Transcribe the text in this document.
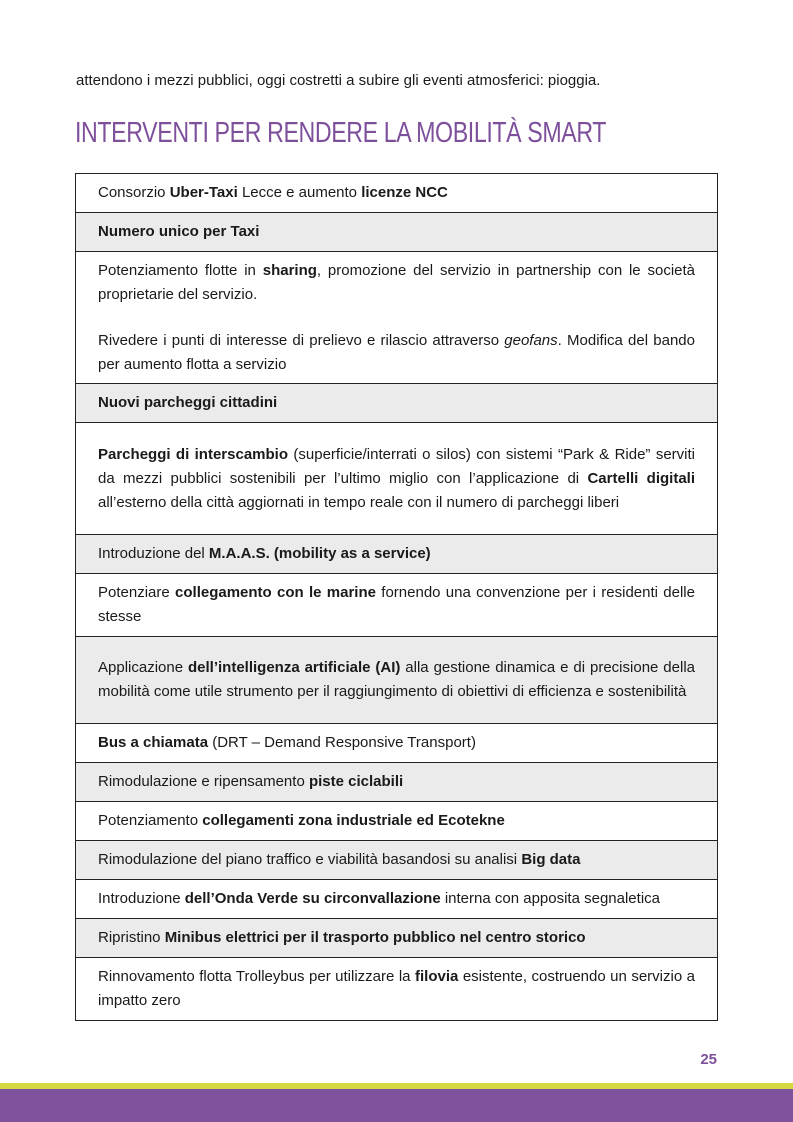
attendono i mezzi pubblici, oggi costretti a subire gli eventi atmosferici: pioggia.

INTERVENTI PER RENDERE LA MOBILITÀ SMART
Consorzio Uber-Taxi Lecce e aumento licenze NCC
Numero unico per Taxi

Potenziamento flotte in sharing, promozione del servizio in partnership con le società proprietarie del servizio.

Rivedere i punti di interesse di prelievo e rilascio attraverso geofans. Modifica del bando per aumento flotta a servizio

Nuovi parcheggi cittadini
Parcheggi di interscambio (superficie/interrati o silos) con sistemi “Park & Ride” serviti da mezzi pubblici sostenibili per l’ultimo miglio con l’applicazione di Cartelli digitali all’esterno della città aggiornati in tempo reale con il numero di parcheggi liberi
Introduzione del M.A.A.S. (mobility as a service)
Potenziare collegamento con le marine fornendo una convenzione per i residenti delle stesse
Applicazione dell’intelligenza artificiale (AI) alla gestione dinamica e di precisione della mobilità come utile strumento per il raggiungimento di obiettivi di efficienza e sostenibilità
Bus a chiamata (DRT – Demand Responsive Transport)
Rimodulazione e ripensamento piste ciclabili
Potenziamento collegamenti zona industriale ed Ecotekne
Rimodulazione del piano traffico e viabilità basandosi su analisi Big data
Introduzione dell’Onda Verde su circonvallazione interna con apposita segnaletica
Ripristino Minibus elettrici per il trasporto pubblico nel centro storico
Rinnovamento flotta Trolleybus per utilizzare la filovia esistente, costruendo un servizio a impatto zero
25
